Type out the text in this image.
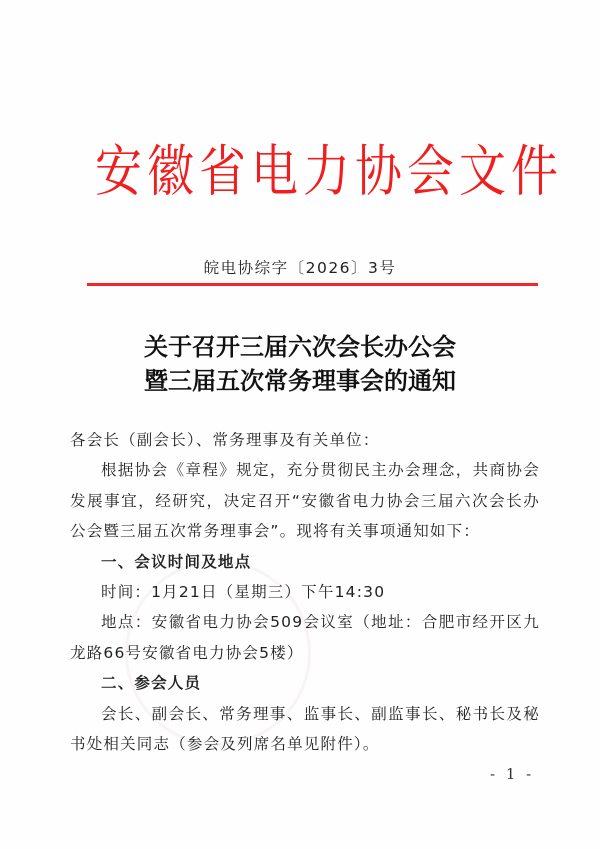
安徽省电力协会文件
皖电协综字〔2026〕3号
关于召开三届六次会长办公会
暨三届五次常务理事会的通知

各会长（副会长）、常务理事及有关单位：

根据协会《章程》规定，充分贯彻民主办会理念，共商协会发展事宜，经研究，决定召开“安徽省电力协会三届六次会长办公会暨三届五次常务理事会”。现将有关事项通知如下：

一、会议时间及地点

时间：1月21日（星期三）下午14:30

地点：安徽省电力协会509会议室（地址：合肥市经开区九龙路66号安徽省电力协会5楼）

二、参会人员

会长、副会长、常务理事、监事长、副监事长、秘书长及秘书处相关同志（参会及列席名单见附件）。

- 1 -
